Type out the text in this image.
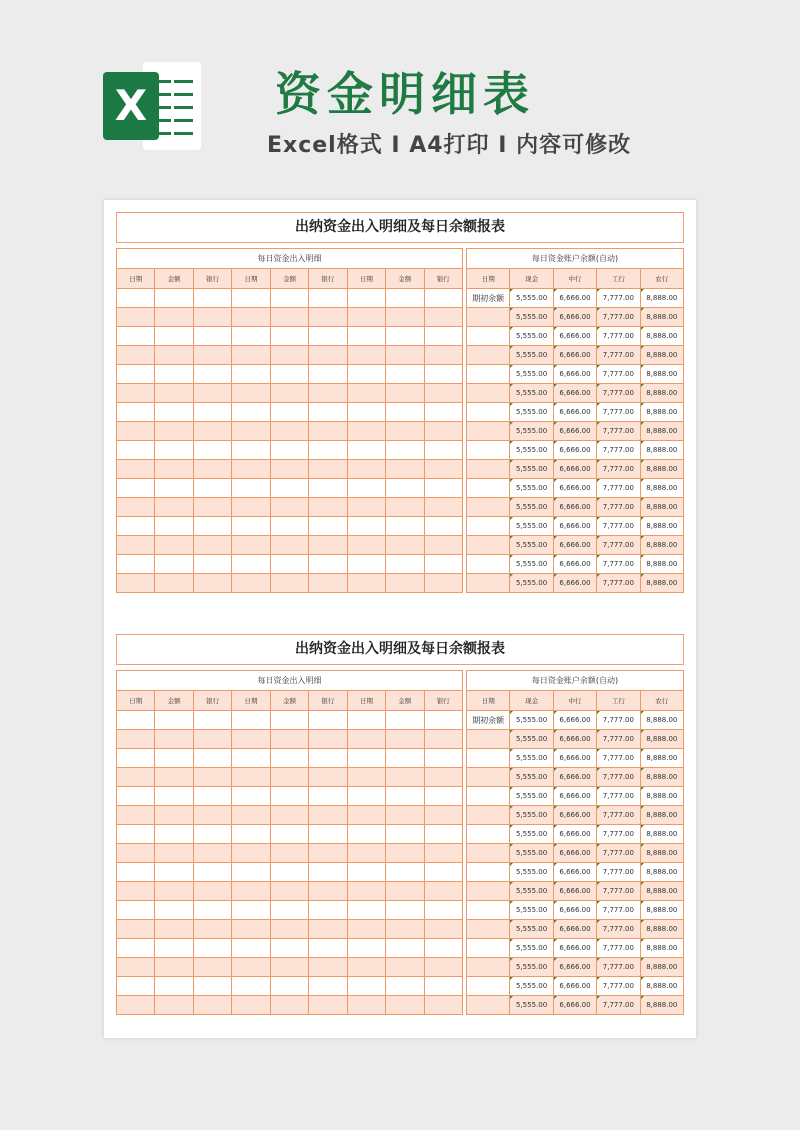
X	资金明细表
Excel格式 I A4打印 I 内容可修改
出纳资金出入明细及每日余额报表
每日资金出入明细								
日期	金额	银行	日期	金额	银行	日期	金额	银行

每日资金账户余额(自动)				
日期	现金	中行	工行	农行
期初余额	5,555.00	6,666.00	7,777.00	8,888.00
	5,555.00	6,666.00	7,777.00	8,888.00
	5,555.00	6,666.00	7,777.00	8,888.00
	5,555.00	6,666.00	7,777.00	8,888.00
	5,555.00	6,666.00	7,777.00	8,888.00
	5,555.00	6,666.00	7,777.00	8,888.00
	5,555.00	6,666.00	7,777.00	8,888.00
	5,555.00	6,666.00	7,777.00	8,888.00
	5,555.00	6,666.00	7,777.00	8,888.00
	5,555.00	6,666.00	7,777.00	8,888.00
	5,555.00	6,666.00	7,777.00	8,888.00
	5,555.00	6,666.00	7,777.00	8,888.00
	5,555.00	6,666.00	7,777.00	8,888.00
	5,555.00	6,666.00	7,777.00	8,888.00
	5,555.00	6,666.00	7,777.00	8,888.00
	5,555.00	6,666.00	7,777.00	8,888.00
出纳资金出入明细及每日余额报表
每日资金出入明细								
日期	金额	银行	日期	金额	银行	日期	金额	银行

每日资金账户余额(自动)				
日期	现金	中行	工行	农行
期初余额	5,555.00	6,666.00	7,777.00	8,888.00
	5,555.00	6,666.00	7,777.00	8,888.00
	5,555.00	6,666.00	7,777.00	8,888.00
	5,555.00	6,666.00	7,777.00	8,888.00
	5,555.00	6,666.00	7,777.00	8,888.00
	5,555.00	6,666.00	7,777.00	8,888.00
	5,555.00	6,666.00	7,777.00	8,888.00
	5,555.00	6,666.00	7,777.00	8,888.00
	5,555.00	6,666.00	7,777.00	8,888.00
	5,555.00	6,666.00	7,777.00	8,888.00
	5,555.00	6,666.00	7,777.00	8,888.00
	5,555.00	6,666.00	7,777.00	8,888.00
	5,555.00	6,666.00	7,777.00	8,888.00
	5,555.00	6,666.00	7,777.00	8,888.00
	5,555.00	6,666.00	7,777.00	8,888.00
	5,555.00	6,666.00	7,777.00	8,888.00
